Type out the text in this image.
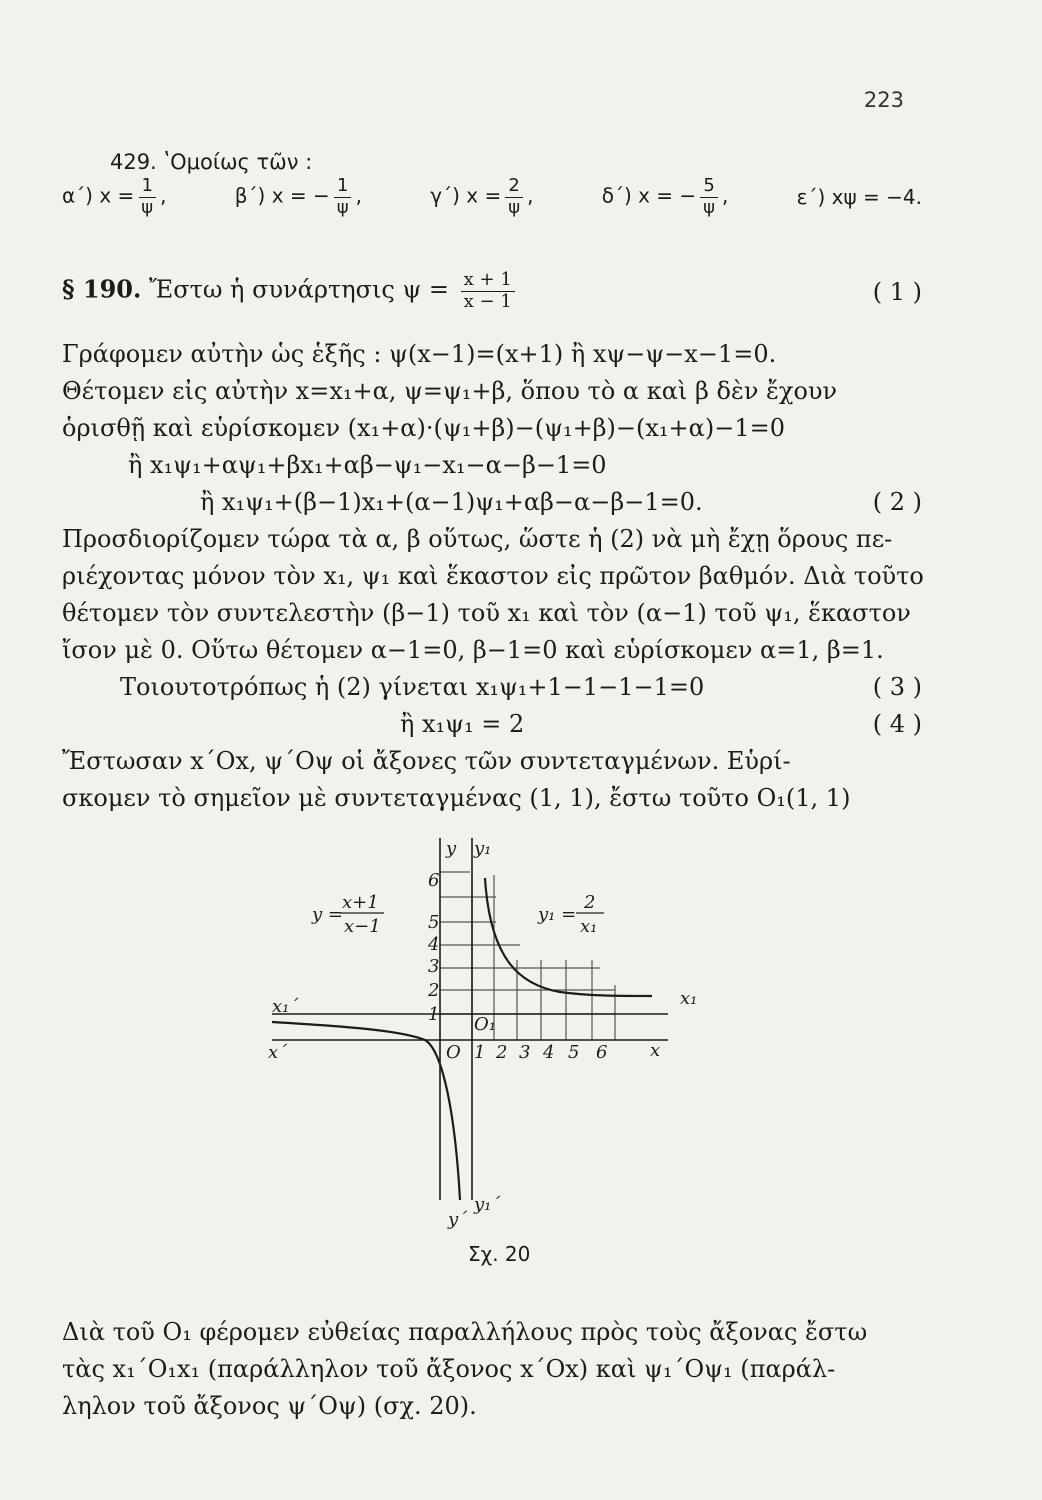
223
429. ʽΟμοίως τῶν :
α΄) $x = \frac{1}{\psi}$ ,	β΄) x = − $\frac{1}{\psi}$ ,	γ΄) $x = \frac{2}{\psi}$ ,	δ΄) x = − $\frac{5}{\psi}$ ,	ε΄) xψ = −4.
§ 190. Ἔστω ἡ συνάρτησις $\psi = \frac{x + 1}{x - 1}$	( 1 )
Γράφομεν αὐτὴν ὡς ἑξῆς : ψ(x−1)=(x+1) ἢ xψ−ψ−x−1=0.
Θέτομεν εἰς αὐτὴν x=x₁+α, ψ=ψ₁+β, ὅπου τὸ α καὶ β δὲν ἔχουν
ὁρισθῇ καὶ εὑρίσκομεν (x₁+α)·(ψ₁+β)−(ψ₁+β)−(x₁+α)−1=0
ἢ x₁ψ₁+αψ₁+βx₁+αβ−ψ₁−x₁−α−β−1=0
ἢ x₁ψ₁+(β−1)x₁+(α−1)ψ₁+αβ−α−β−1=0.	( 2 )
Προσδιορίζομεν τώρα τὰ α, β οὕτως, ὥστε ἡ (2) νὰ μὴ ἔχῃ ὅρους πε-
ριέχοντας μόνον τὸν x₁, ψ₁ καὶ ἕκαστον εἰς πρῶτον βαθμόν. Διὰ τοῦτο
θέτομεν τὸν συντελεστὴν (β−1) τοῦ x₁ καὶ τὸν (α−1) τοῦ ψ₁, ἕκαστον
ἴσον μὲ 0. Οὕτω θέτομεν α−1=0, β−1=0 καὶ εὑρίσκομεν α=1, β=1.
Τοιουτοτρόπως ἡ (2) γίνεται x₁ψ₁+1−1−1−1=0	( 3 )
ἢ x₁ψ₁ = 2	( 4 )
Ἔστωσαν x΄Ox, ψ΄Oψ οἱ ἄξονες τῶν συντεταγμένων. Εὑρί-
σκομεν τὸ σημεῖον μὲ συντεταγμένας (1, 1), ἔστω τοῦτο O₁(1, 1)
y y₁
x
x₁
x΄
x₁΄
y΄
y₁΄
O
O₁
1 2 3 4 5 6
1
2
3
4
5
6
y =
x+1
x−1
y₁ =
2
x₁
Σχ. 20
Διὰ τοῦ O₁ φέρομεν εὐθείας παραλλήλους πρὸς τοὺς ἄξονας ἔστω
τὰς x₁΄O₁x₁ (παράλληλον τοῦ ἄξονος x΄Ox) καὶ ψ₁΄Oψ₁ (παράλ-
ληλον τοῦ ἄξονος ψ΄Oψ) (σχ. 20).
